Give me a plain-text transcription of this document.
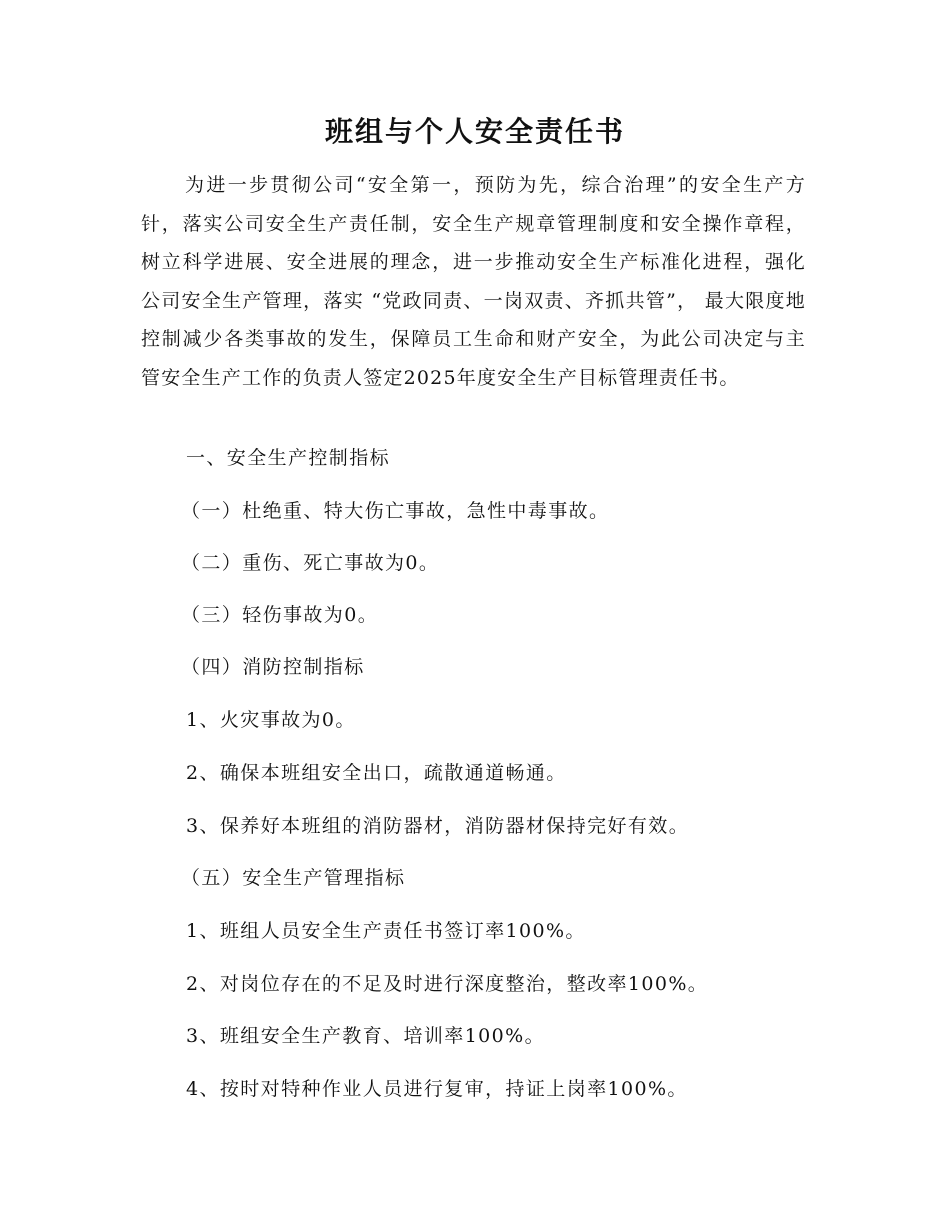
班组与个人安全责任书

为进一步贯彻公司“安全第一，预防为先，综合治理”的安全生产方针，落实公司安全生产责任制，安全生产规章管理制度和安全操作章程，树立科学进展、安全进展的理念，进一步推动安全生产标准化进程，强化公司安全生产管理，落实 “党政同责、一岗双责、齐抓共管”， 最大限度地控制减少各类事故的发生，保障员工生命和财产安全，为此公司决定与主管安全生产工作的负责人签定2025年度安全生产目标管理责任书。

一、安全生产控制指标

（一）杜绝重、特大伤亡事故，急性中毒事故。

（二）重伤、死亡事故为0。

（三）轻伤事故为0。

（四）消防控制指标

1、火灾事故为0。

2、确保本班组安全出口，疏散通道畅通。

3、保养好本班组的消防器材，消防器材保持完好有效。

（五）安全生产管理指标

1、班组人员安全生产责任书签订率100%。

2、对岗位存在的不足及时进行深度整治，整改率100%。

3、班组安全生产教育、培训率100%。

4、按时对特种作业人员进行复审，持证上岗率100%。
